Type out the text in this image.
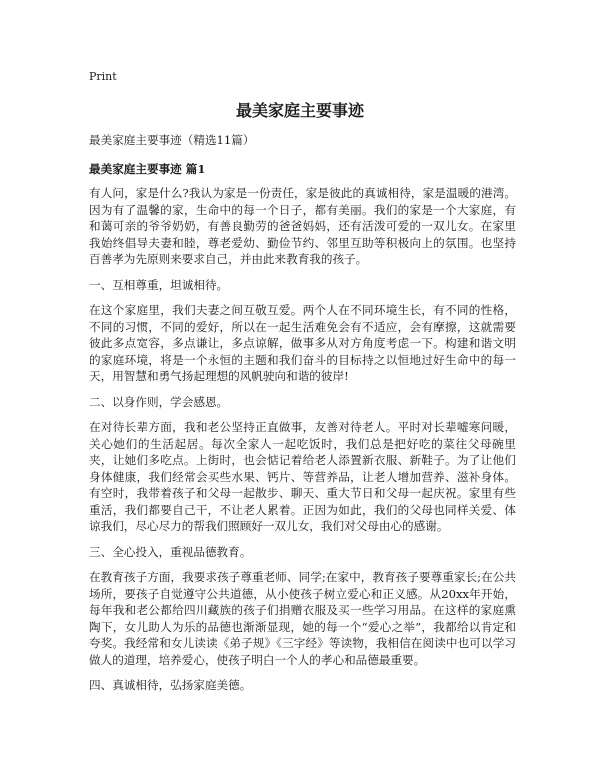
Print
最美家庭主要事迹

最美家庭主要事迹（精选11篇）

最美家庭主要事迹 篇1

有人问，家是什么?我认为家是一份责任，家是彼此的真诚相待，家是温暖的港湾。因为有了温馨的家，生命中的每一个日子，都有美丽。我们的家是一个大家庭，有和蔼可亲的爷爷奶奶，有善良勤劳的爸爸妈妈，还有活泼可爱的一双儿女。在家里我始终倡导夫妻和睦，尊老爱幼、勤俭节约、邻里互助等积极向上的氛围。也坚持百善孝为先原则来要求自己，并由此来教育我的孩子。

一、互相尊重，坦诚相待。

在这个家庭里，我们夫妻之间互敬互爱。两个人在不同环境生长，有不同的性格，不同的习惯，不同的爱好，所以在一起生活难免会有不适应，会有摩擦，这就需要彼此多点宽容，多点谦让，多点谅解，做事多从对方角度考虑一下。构建和谐文明的家庭环境，将是一个永恒的主题和我们奋斗的目标持之以恒地过好生命中的每一天，用智慧和勇气扬起理想的风帆驶向和谐的彼岸!

二、以身作则，学会感恩。

在对待长辈方面，我和老公坚持正直做事，友善对待老人。平时对长辈嘘寒问暖，关心她们的生活起居。每次全家人一起吃饭时，我们总是把好吃的菜往父母碗里夹，让她们多吃点。上街时，也会惦记着给老人添置新衣服、新鞋子。为了让他们身体健康，我们经常会买些水果、钙片、等营养品，让老人增加营养、滋补身体。有空时，我带着孩子和父母一起散步、聊天、重大节日和父母一起庆祝。家里有些重活，我们都要自己干，不让老人累着。正因为如此，我们的父母也同样关爱、体谅我们，尽心尽力的帮我们照顾好一双儿女，我们对父母由心的感谢。

三、全心投入，重视品德教育。

在教育孩子方面，我要求孩子尊重老师、同学;在家中，教育孩子要尊重家长;在公共场所，要孩子自觉遵守公共道德，从小使孩子树立爱心和正义感。从20xx年开始，每年我和老公都给四川藏族的孩子们捐赠衣服及买一些学习用品。在这样的家庭熏陶下，女儿助人为乐的品德也渐渐显现，她的每一个“爱心之举”，我都给以肯定和夸奖。我经常和女儿读读《弟子规》《三字经》等读物，我相信在阅读中也可以学习做人的道理，培养爱心，使孩子明白一个人的孝心和品德最重要。

四、真诚相待，弘扬家庭美德。
